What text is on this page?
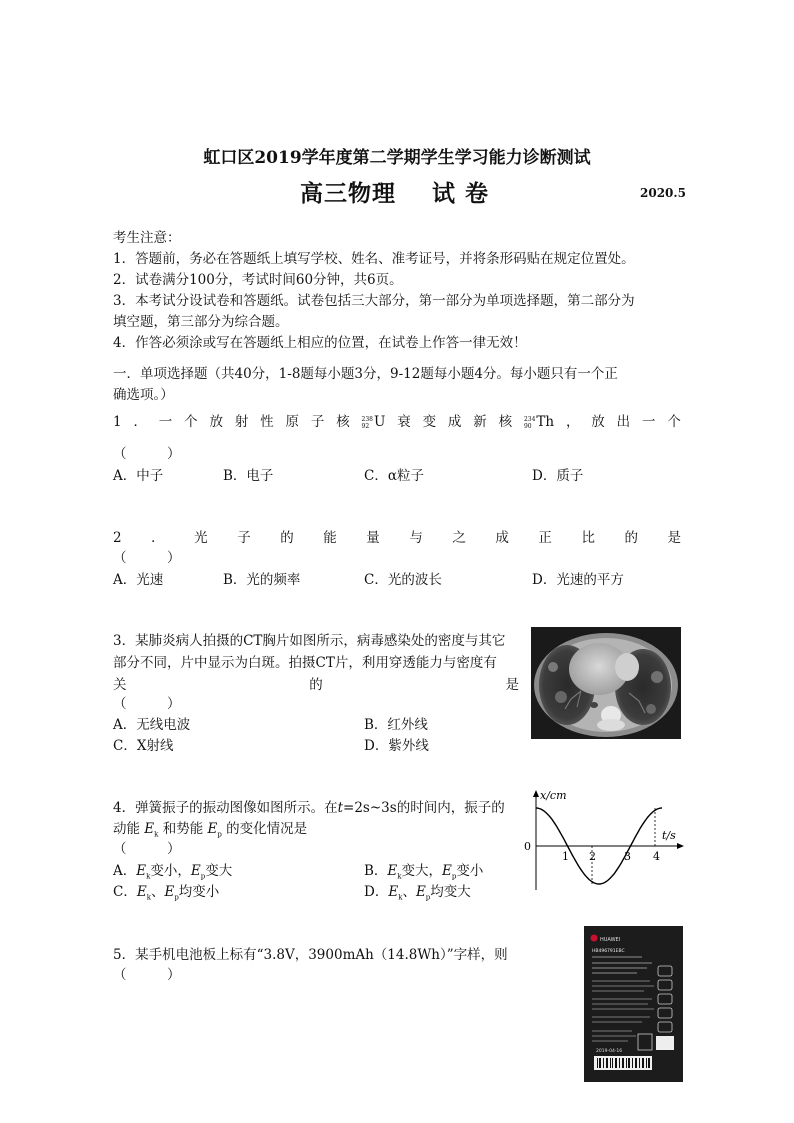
虹口区2019学年度第二学期学生学习能力诊断测试
高三物理 试 卷	2020.5
考生注意：
1．答题前，务必在答题纸上填写学校、姓名、准考证号，并将条形码贴在规定位置处。
2．试卷满分100分，考试时间60分钟，共6页。
3．本考试分设试卷和答题纸。试卷包括三大部分，第一部分为单项选择题，第二部分为
填空题，第三部分为综合题。
4．作答必须涂或写在答题纸上相应的位置，在试卷上作答一律无效！
一．单项选择题（共40分，1-8题每小题3分，9-12题每小题4分。每小题只有一个正
确选项。）
1 ． 一 个 放 射 性 原 子 核 238
92 U 衰 变 成 新 核 234
90 Th ， 放 出 一 个
（　　　）
A．中子	B．电子	C．α粒子	D．质子
2 ． 光 子 的 能 量 与 之 成 正 比 的 是
（　　　）
A．光速	B．光的频率	C．光的波长	D．光速的平方
3．某肺炎病人拍摄的CT胸片如图所示，病毒感染处的密度与其它
部分不同，片中显示为白斑。拍摄CT片，利用穿透能力与密度有
关	的	是
（　　　）
A．无线电波	B．红外线
C．X射线	D．紫外线
4．弹簧振子的振动图像如图所示。在t=2s~3s的时间内，振子的
动能 $E_k$ 和势能 $E_p$ 的变化情况是
（　　　）
A．$E_k$变小，$E_p$变大	B．$E_k$变大，$E_p$变小
C．$E_k$、$E_p$均变小	D．$E_k$、$E_p$均变大
x/cm
t/s
0
1 2	3 4
5．某手机电池板上标有“3.8V，3900mAh（14.8Wh）”字样，则
（　　　）
HUAWEI
HB496791EBC
2019-04-16
